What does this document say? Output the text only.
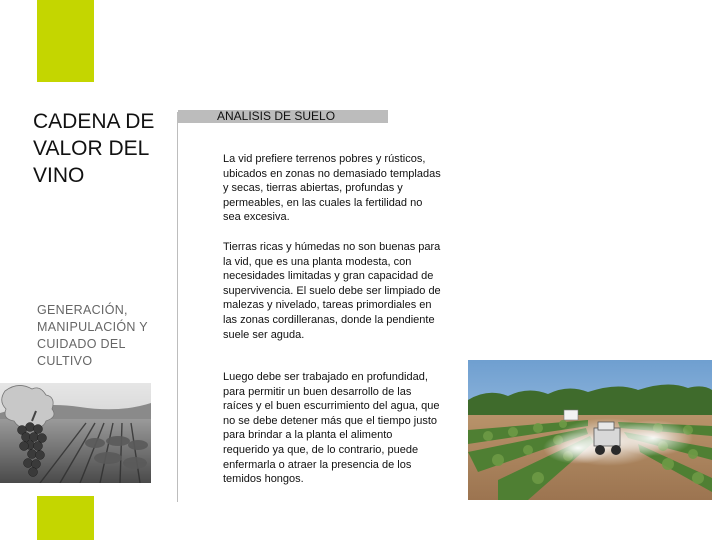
CADENA DE VALOR DEL VINO
GENERACIÓN, MANIPULACIÓN Y CUIDADO DEL CULTIVO
ANALISIS DE SUELO
La vid prefiere terrenos pobres y rústicos, ubicados en zonas no demasiado templadas y secas, tierras abiertas, profundas y permeables, en las cuales la fertilidad no sea excesiva.
Tierras ricas y húmedas no son buenas para la vid, que es una planta modesta, con necesidades limitadas y gran capacidad de supervivencia. El suelo debe ser limpiado de malezas y nivelado, tareas primordiales en las zonas cordilleranas, donde la pendiente suele ser aguda.
Luego debe ser trabajado en profundidad, para permitir un buen desarrollo de las raíces y el buen escurrimiento del agua, que no se debe detener más que el tiempo justo para brindar a la planta el alimento requerido ya que, de lo contrario, puede enfermarla o atraer la presencia de los temidos hongos.
